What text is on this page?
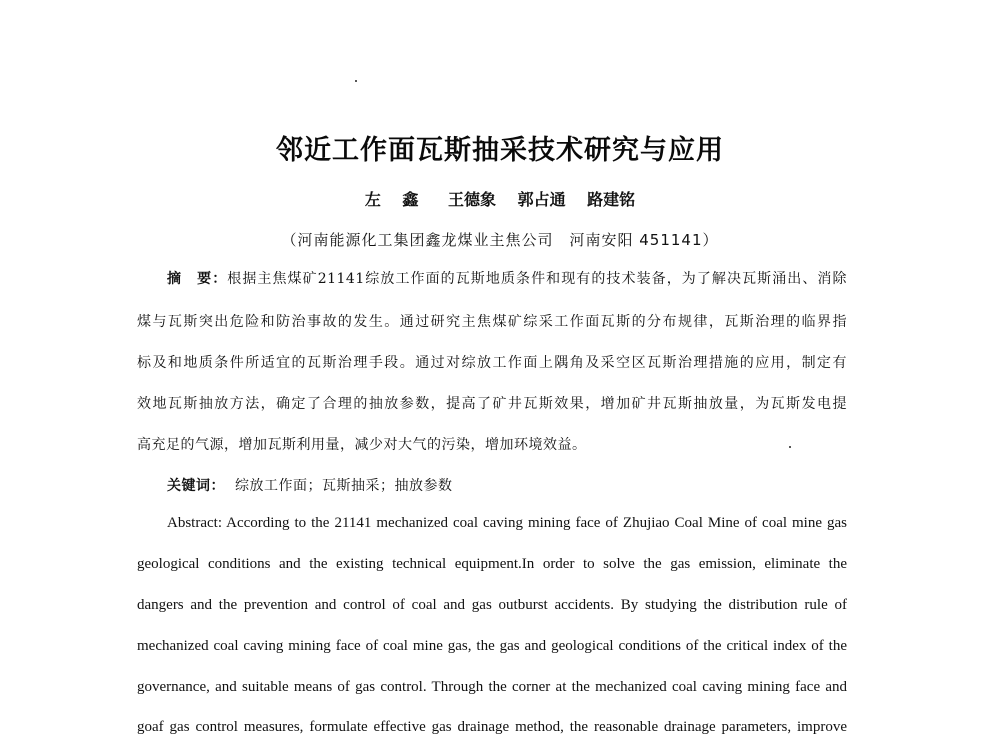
邻近工作面瓦斯抽采技术研究与应用
左 鑫 王德象 郭占通 路建铭
（河南能源化工集团鑫龙煤业主焦公司　河南安阳 451141）
摘　要：根据主焦煤矿21141综放工作面的瓦斯地质条件和现有的技术装备，为了解决瓦斯涌出、消除
煤与瓦斯突出危险和防治事故的发生。通过研究主焦煤矿综采工作面瓦斯的分布规律，瓦斯治理的临界指
标及和地质条件所适宜的瓦斯治理手段。通过对综放工作面上隅角及采空区瓦斯治理措施的应用，制定有
效地瓦斯抽放方法，确定了合理的抽放参数，提高了矿井瓦斯效果，增加矿井瓦斯抽放量，为瓦斯发电提
高充足的气源，增加瓦斯利用量，减少对大气的污染，增加环境效益。
关键词： 综放工作面；瓦斯抽采；抽放参数
Abstract: According to the 21141 mechanized coal caving mining face of Zhujiao Coal Mine of coal mine gas
geological conditions and the existing technical equipment.In order to solve the gas emission, eliminate the
dangers and the prevention and control of coal and gas outburst accidents. By studying the distribution rule of
mechanized coal caving mining face of coal mine gas, the gas and geological conditions of the critical index of the
governance, and suitable means of gas control. Through the corner at the mechanized coal caving mining face and
goaf gas control measures, formulate effective gas drainage method, the reasonable drainage parameters, improve
